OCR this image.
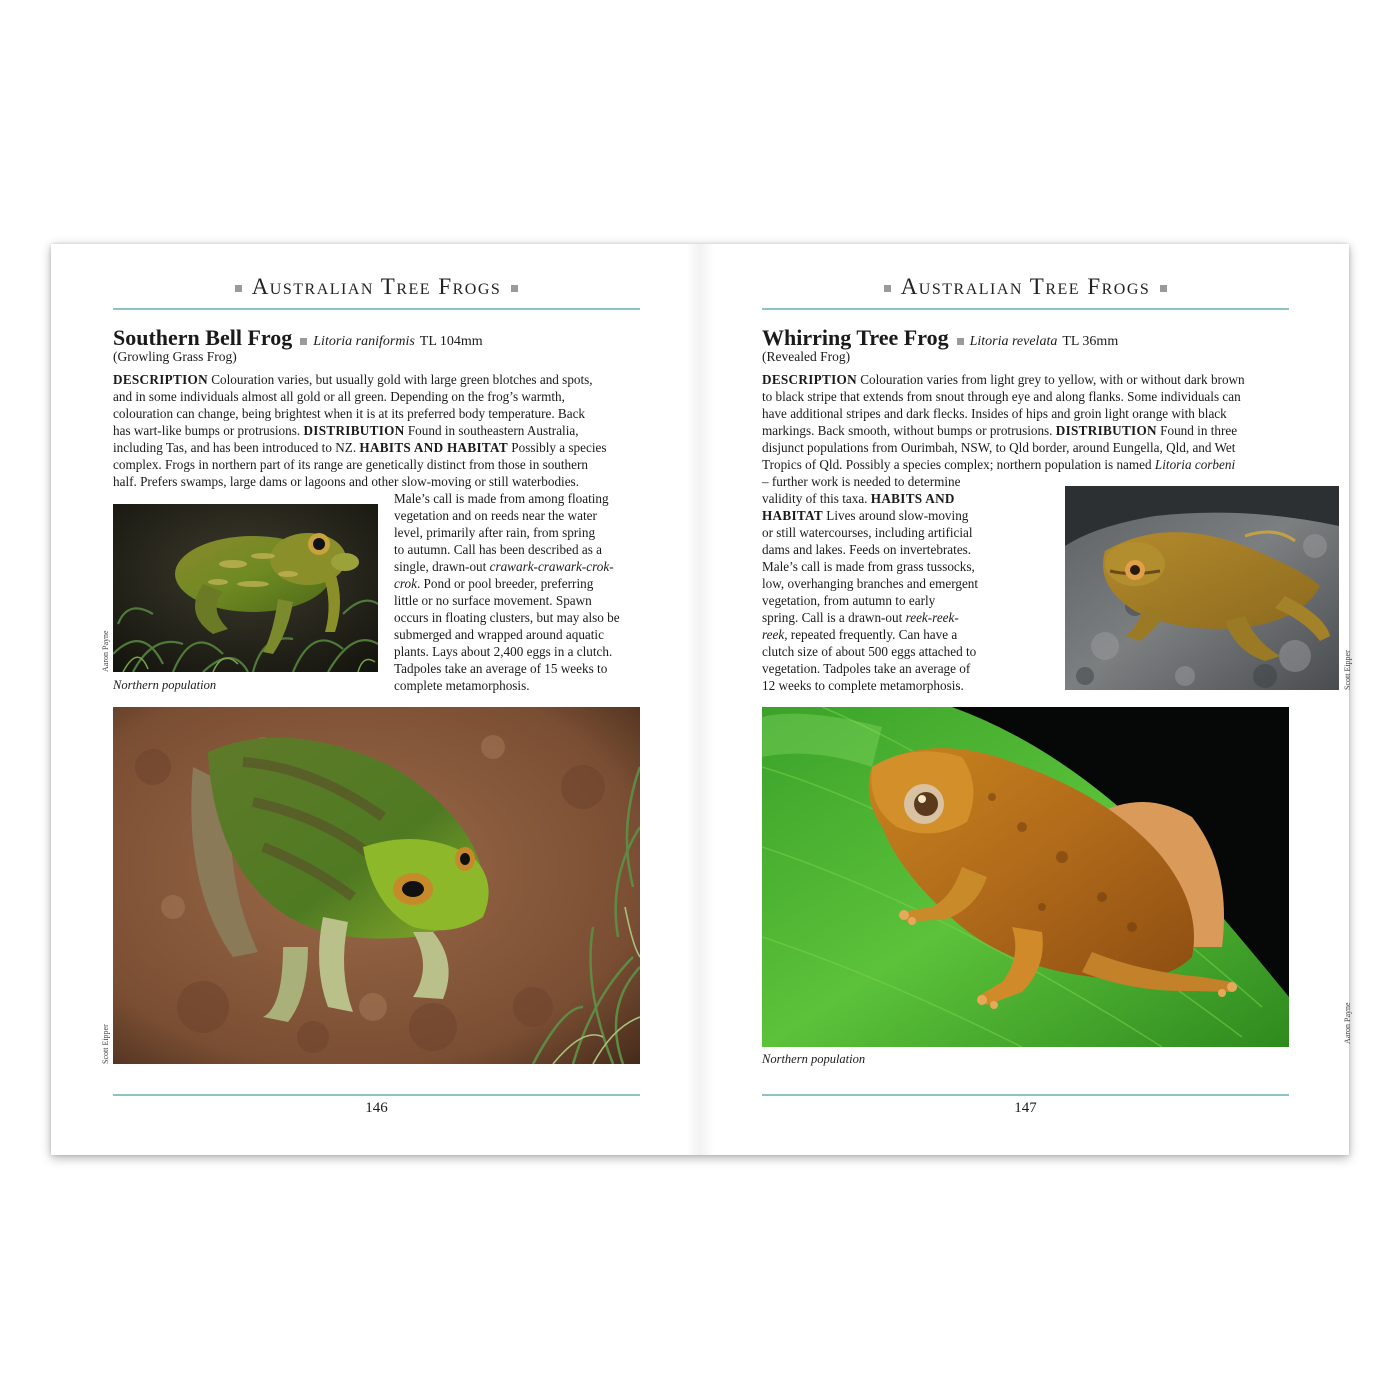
Australian Tree Frogs
Southern Bell Frog Litoria raniformis TL 104mm
(Growling Grass Frog)
DESCRIPTION Colouration varies, but usually gold with large green blotches and spots,
and in some individuals almost all gold or all green. Depending on the frog’s warmth,
colouration can change, being brightest when it is at its preferred body temperature. Back
has wart-like bumps or protrusions. DISTRIBUTION Found in southeastern Australia,
including Tas, and has been introduced to NZ. HABITS AND HABITAT Possibly a species
complex. Frogs in northern part of its range are genetically distinct from those in southern
half. Prefers swamps, large dams or lagoons and other slow-moving or still waterbodies.
Male’s call is made from among floating
vegetation and on reeds near the water
level, primarily after rain, from spring
to autumn. Call has been described as a
single, drawn-out crawark-crawark-crok-
crok. Pond or pool breeder, preferring
little or no surface movement. Spawn
occurs in floating clusters, but may also be
submerged and wrapped around aquatic
plants. Lays about 2,400 eggs in a clutch.
Tadpoles take an average of 15 weeks to
complete metamorphosis.
Aaron Payne
Northern population
Scott Eipper
146
Australian Tree Frogs
Whirring Tree Frog Litoria revelata TL 36mm
(Revealed Frog)
DESCRIPTION Colouration varies from light grey to yellow, with or without dark brown
to black stripe that extends from snout through eye and along flanks. Some individuals can
have additional stripes and dark flecks. Insides of hips and groin light orange with black
markings. Back smooth, without bumps or protrusions. DISTRIBUTION Found in three
disjunct populations from Ourimbah, NSW, to Qld border, around Eungella, Qld, and Wet
Tropics of Qld. Possibly a species complex; northern population is named Litoria corbeni
– further work is needed to determine
validity of this taxa. HABITS AND
HABITAT Lives around slow-moving
or still watercourses, including artificial
dams and lakes. Feeds on invertebrates.
Male’s call is made from grass tussocks,
low, overhanging branches and emergent
vegetation, from autumn to early
spring. Call is a drawn-out reek-reek-
reek, repeated frequently. Can have a
clutch size of about 500 eggs attached to
vegetation. Tadpoles take an average of
12 weeks to complete metamorphosis.	Scott Eipper
Aaron Payne
Northern population
147
